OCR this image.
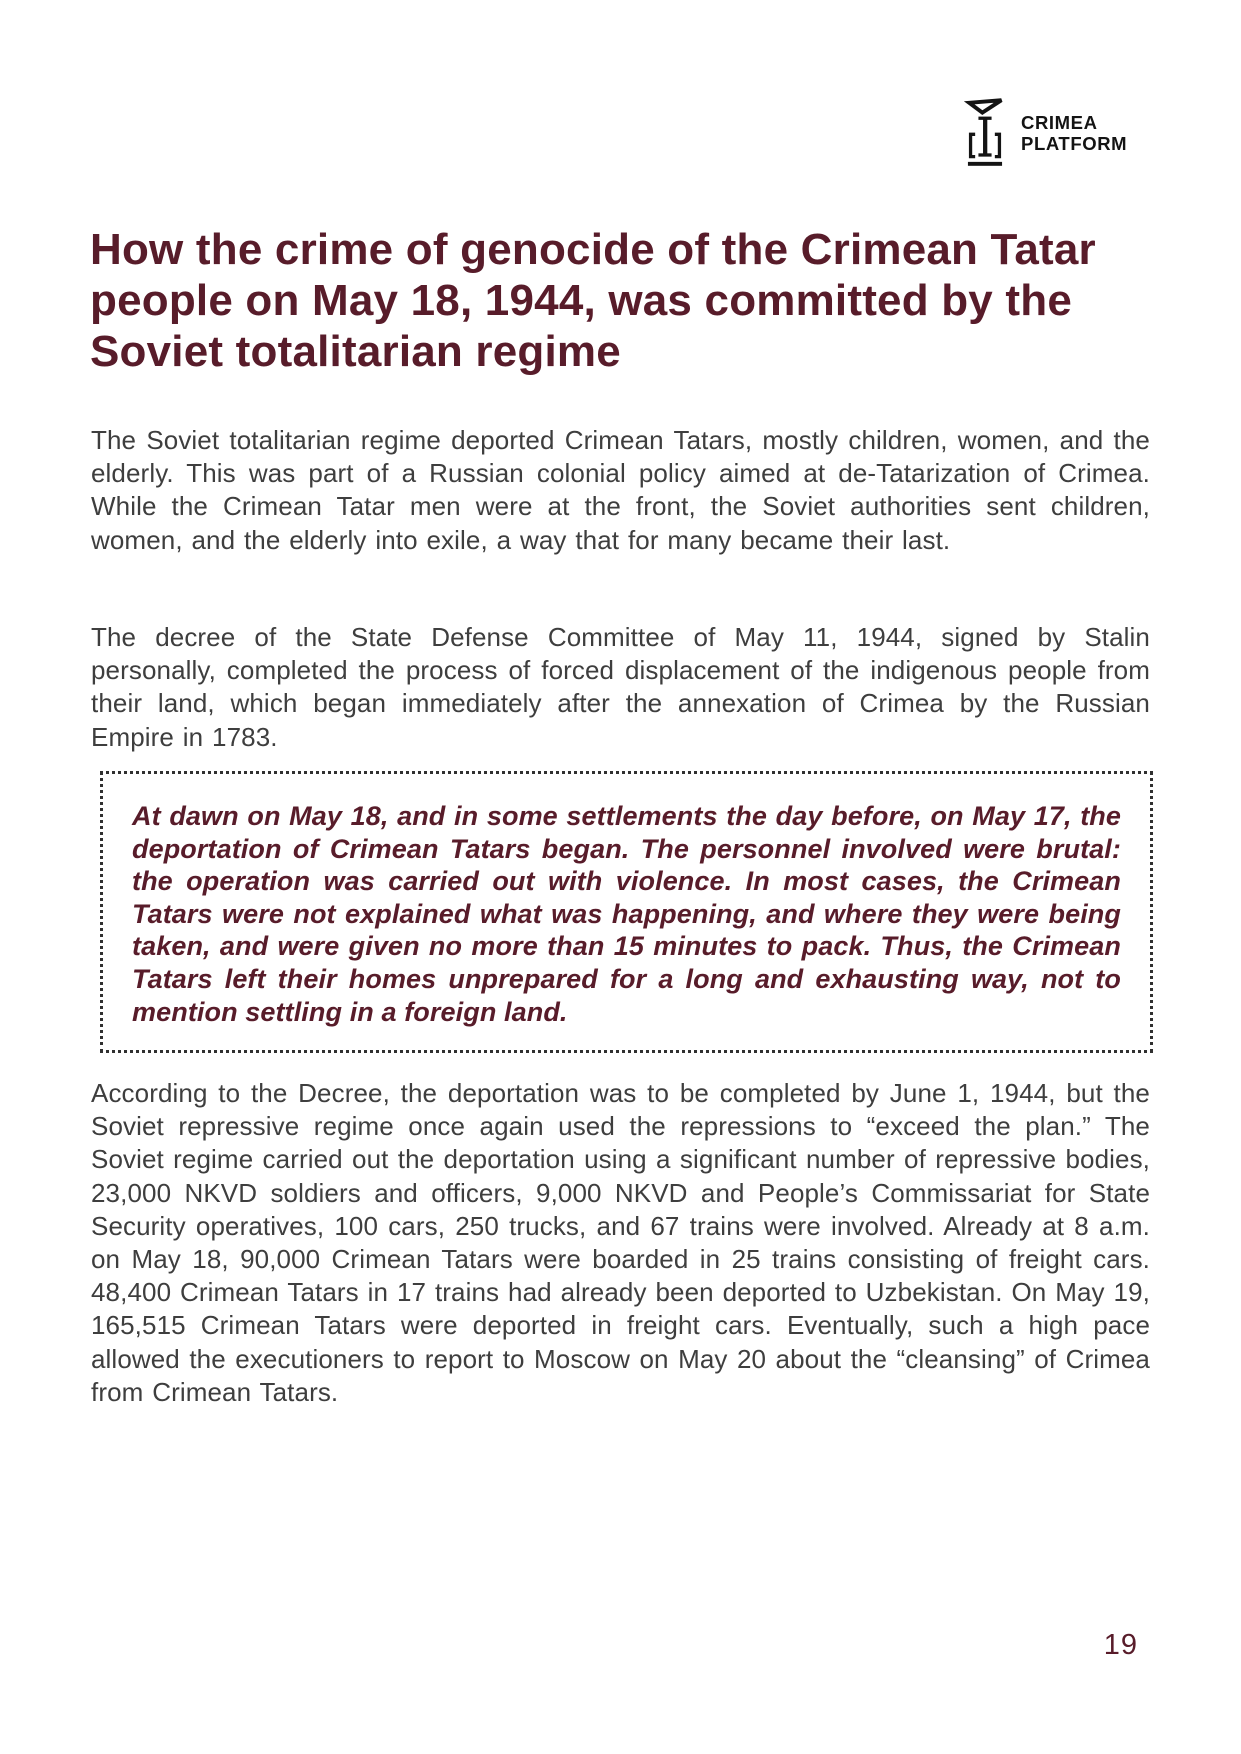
CRIMEA
PLATFORM
How the crime of genocide of the Crimean Tatar people on May 18, 1944, was committed by the Soviet totalitarian regime

The Soviet totalitarian regime deported Crimean Tatars, mostly children, women, and the elderly. This was part of a Russian colonial policy aimed at de-Tatarization of Crimea. While the Crimean Tatar men were at the front, the Soviet authorities sent children, women, and the elderly into exile, a way that for many became their last.

The decree of the State Defense Committee of May 11, 1944, signed by Stalin personally, completed the process of forced displacement of the indigenous people from their land, which began immediately after the annexation of Crimea by the Russian Empire in 1783.

At dawn on May 18, and in some settlements the day before, on May 17, the deportation of Crimean Tatars began. The personnel involved were brutal: the operation was carried out with violence. In most cases, the Crimean Tatars were not explained what was happening, and where they were being taken, and were given no more than 15 minutes to pack. Thus, the Crimean Tatars left their homes unprepared for a long and exhausting way, not to mention settling in a foreign land.

According to the Decree, the deportation was to be completed by June 1, 1944, but the Soviet repressive regime once again used the repressions to “exceed the plan.” The Soviet regime carried out the deportation using a significant number of repressive bodies, 23,000 NKVD soldiers and officers, 9,000 NKVD and People’s Commissariat for State Security operatives, 100 cars, 250 trucks, and 67 trains were involved. Already at 8 a.m. on May 18, 90,000 Crimean Tatars were boarded in 25 trains consisting of freight cars. 48,400 Crimean Tatars in 17 trains had already been deported to Uzbekistan. On May 19, 165,515 Crimean Tatars were deported in freight cars. Eventually, such a high pace allowed the executioners to report to Moscow on May 20 about the “cleansing” of Crimea from Crimean Tatars.

19
